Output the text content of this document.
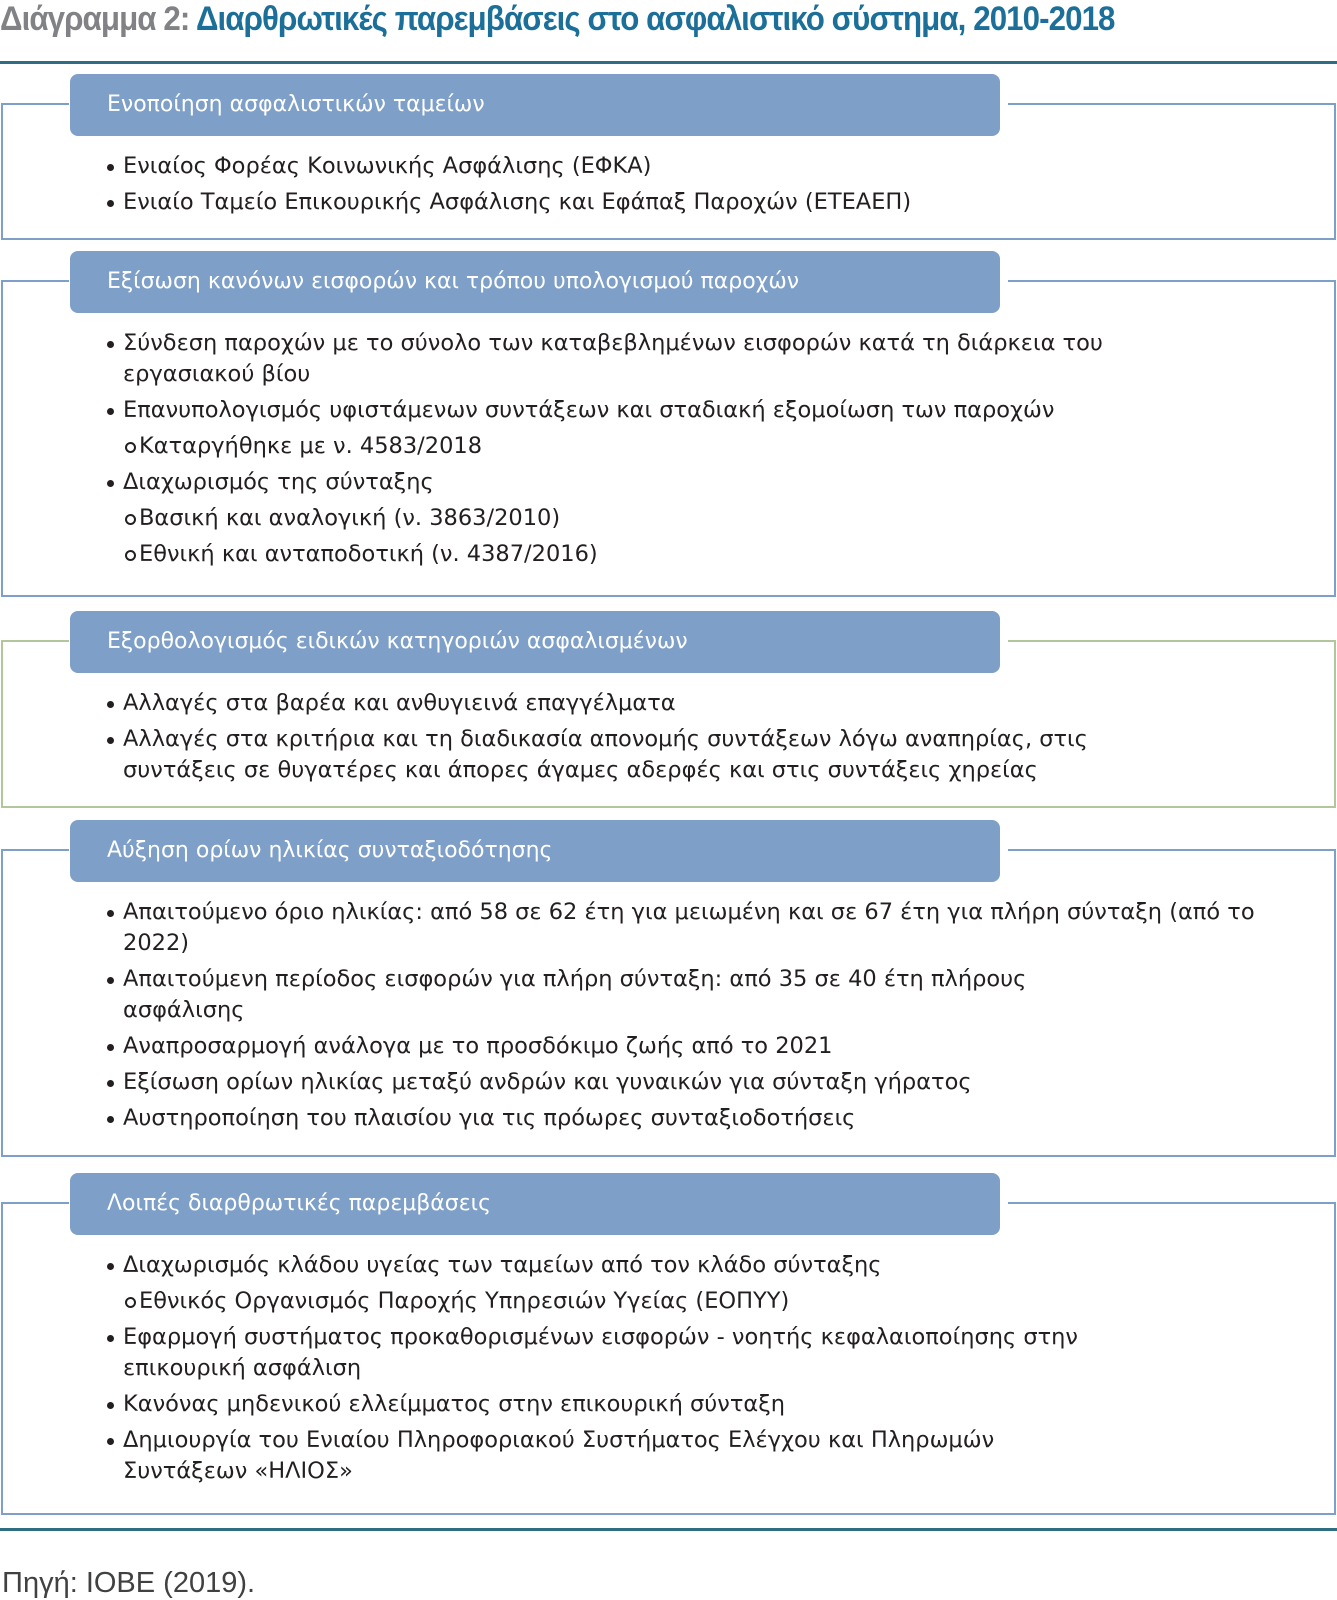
Διάγραμμα 2: Διαρθρωτικές παρεμβάσεις στο ασφαλιστικό σύστημα, 2010-2018
Ενοποίηση ασφαλιστικών ταμείων
Ενιαίος Φορέας Κοινωνικής Ασφάλισης (ΕΦΚΑ)
Ενιαίο Ταμείο Επικουρικής Ασφάλισης και Εφάπαξ Παροχών (ΕΤΕΑΕΠ)
Εξίσωση κανόνων εισφορών και τρόπου υπολογισμού παροχών
Σύνδεση παροχών με το σύνολο των καταβεβλημένων εισφορών κατά τη διάρκεια του εργασιακού βίου
Επανυπολογισμός υφιστάμενων συντάξεων και σταδιακή εξομοίωση των παροχών
Καταργήθηκε με ν. 4583/2018
Διαχωρισμός της σύνταξης
Βασική και αναλογική (ν. 3863/2010)
Εθνική και ανταποδοτική (ν. 4387/2016)
Εξορθολογισμός ειδικών κατηγοριών ασφαλισμένων
Αλλαγές στα βαρέα και ανθυγιεινά επαγγέλματα
Αλλαγές στα κριτήρια και τη διαδικασία απονομής συντάξεων λόγω αναπηρίας, στις συντάξεις σε θυγατέρες και άπορες άγαμες αδερφές και στις συντάξεις χηρείας
Αύξηση ορίων ηλικίας συνταξιοδότησης
Απαιτούμενο όριο ηλικίας: από 58 σε 62 έτη για μειωμένη και σε 67 έτη για πλήρη σύνταξη (από το 2022)
Απαιτούμενη περίοδος εισφορών για πλήρη σύνταξη: από 35 σε 40 έτη πλήρους ασφάλισης
Αναπροσαρμογή ανάλογα με το προσδόκιμο ζωής από το 2021
Εξίσωση ορίων ηλικίας μεταξύ ανδρών και γυναικών για σύνταξη γήρατος
Αυστηροποίηση του πλαισίου για τις πρόωρες συνταξιοδοτήσεις
Λοιπές διαρθρωτικές παρεμβάσεις
Διαχωρισμός κλάδου υγείας των ταμείων από τον κλάδο σύνταξης
Εθνικός Οργανισμός Παροχής Υπηρεσιών Υγείας (ΕΟΠΥΥ)
Εφαρμογή συστήματος προκαθορισμένων εισφορών - νοητής κεφαλαιοποίησης στην επικουρική ασφάλιση
Κανόνας μηδενικού ελλείμματος στην επικουρική σύνταξη
Δημιουργία του Ενιαίου Πληροφοριακού Συστήματος Ελέγχου και Πληρωμών Συντάξεων «ΗΛΙΟΣ»
Πηγή: ΙΟΒΕ (2019).
